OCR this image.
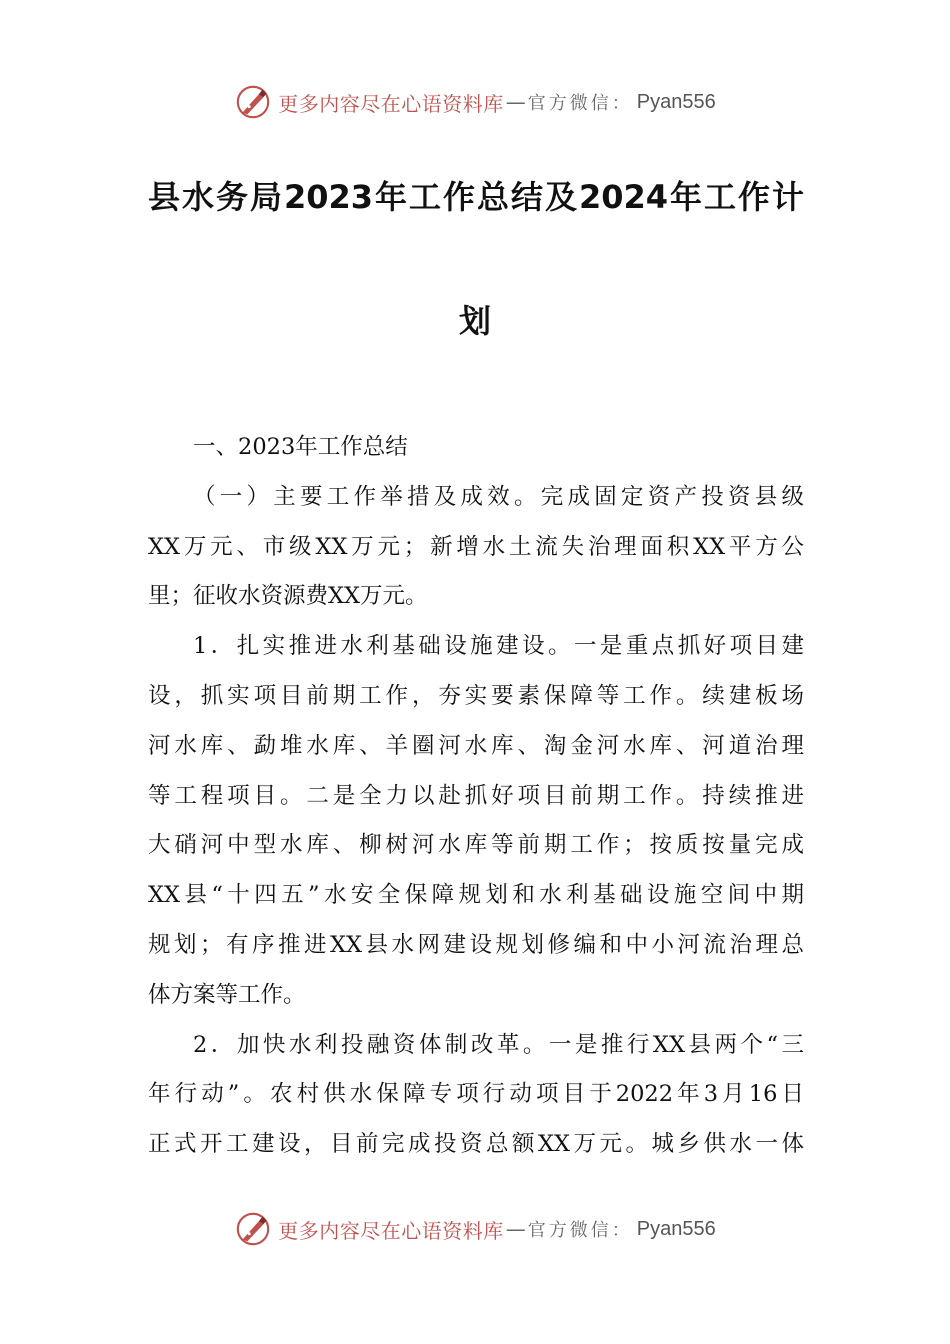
更多内容尽在心语资料库 — 官方微信： Pyan556
县水务局2023年工作总结及2024年工作计
划

一、2023年工作总结

（一）主要工作举措及成效。完成固定资产投资县级
XX万元、市级XX万元；新增水土流失治理面积XX平方公
里；征收水资源费XX万元。

1．扎实推进水利基础设施建设。一是重点抓好项目建
设，抓实项目前期工作，夯实要素保障等工作。续建板场
河水库、勐堆水库、羊圈河水库、淘金河水库、河道治理
等工程项目。二是全力以赴抓好项目前期工作。持续推进
大硝河中型水库、柳树河水库等前期工作；按质按量完成
XX县“十四五”水安全保障规划和水利基础设施空间中期
规划；有序推进XX县水网建设规划修编和中小河流治理总
体方案等工作。

2．加快水利投融资体制改革。一是推行XX县两个“三
年行动”。农村供水保障专项行动项目于2022年3月16日
正式开工建设，目前完成投资总额XX万元。城乡供水一体

更多内容尽在心语资料库 — 官方微信： Pyan556
